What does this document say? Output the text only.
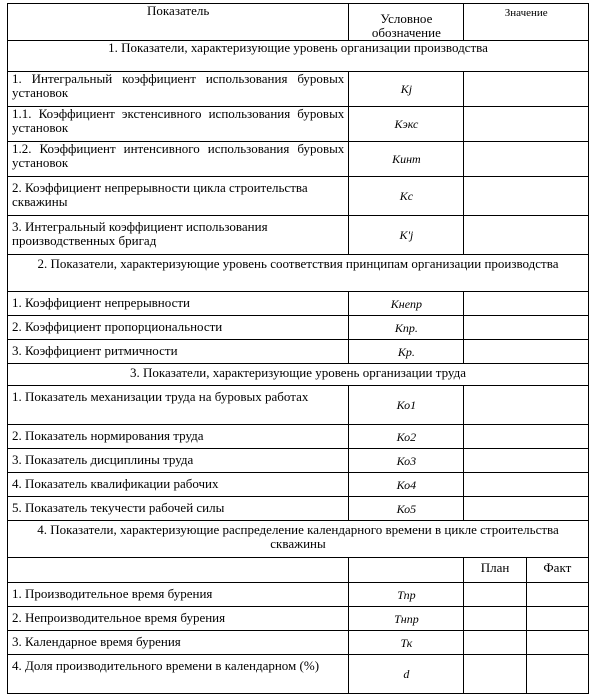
Показатель	Условное обозначение	Значение	
1. Показатели, характеризующие уровень организации производства			
1. Интегральный коэффициент использования буровых установок	Kj		
1.1. Коэффициент экстенсивного использования буровых установок	Kэкс		
1.2. Коэффициент интенсивного использования буровых установок	Kинт		
2. Коэффициент непрерывности цикла строительства скважины	Kс		
3. Интегральный коэффициент использования производственных бригад	K'j		
2. Показатели, характеризующие уровень соответствия принципам организации производства			
1. Коэффициент непрерывности	Кнепр		
2. Коэффициент пропорциональности	Кпр.		
3. Коэффициент ритмичности	Кр.		
3. Показатели, характеризующие уровень организации труда			
1. Показатель механизации труда на буровых работах	Ко1		
2. Показатель нормирования труда	Ко2		
3. Показатель дисциплины труда	Ко3		
4. Показатель квалификации рабочих	Ко4		
5. Показатель текучести рабочей силы	Ко5		
4. Показатели, характеризующие распределение календарного времени в цикле строительства скважины			
		План	Факт
1. Производительное время бурения	Тпр		
2. Непроизводительное время бурения	Тнпр		
3. Календарное время бурения	Тк		
4. Доля производительного времени в календарном (%)	d		
